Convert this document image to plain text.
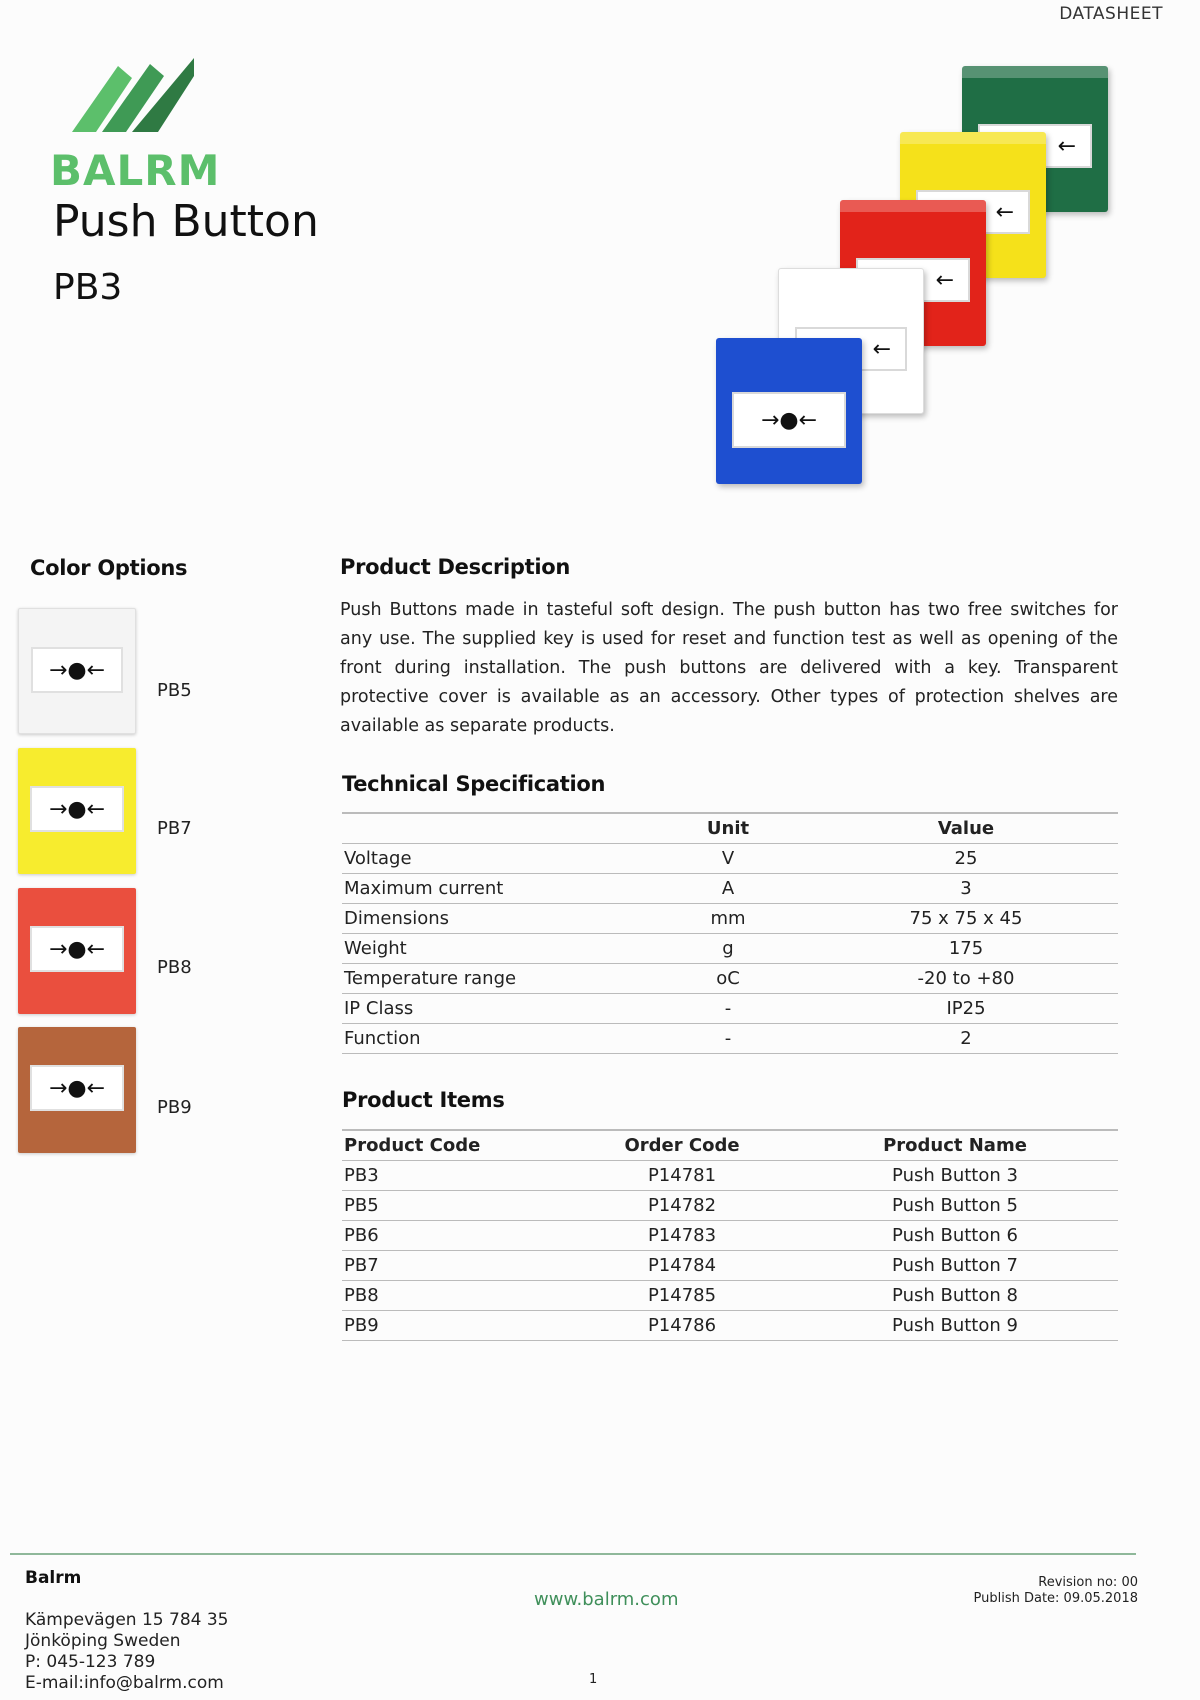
DATASHEET
BALRM
Push Button
PB3
←
←
←
←
→●←
Color Options
→●←
PB5
→●←
PB7
→●←
PB8
→●←
PB9
Product Description
Push Buttons made in tasteful soft design. The push button has two free switches for any use. The supplied key is used for reset and function test as well as opening of the front during installation. The push buttons are delivered with a key. Transparent protective cover is available as an accessory. Other types of protection shelves are available as separate products.
Technical Specification
	Unit	Value
Voltage	V	25
Maximum current	A	3
Dimensions	mm	75 x 75 x 45
Weight	g	175
Temperature range	oC	-20 to +80
IP Class	-	IP25
Function	-	2
Product Items
Product Code	Order Code	Product Name
PB3	P14781	Push Button 3
PB5	P14782	Push Button 5
PB6	P14783	Push Button 6
PB7	P14784	Push Button 7
PB8	P14785	Push Button 8
PB9	P14786	Push Button 9
Balrm
Kämpevägen 15 784 35
Jönköping Sweden
P: 045-123 789
E-mail:info@balrm.com
www.balrm.com
Revision no: 00
Publish Date: 09.05.2018
1
